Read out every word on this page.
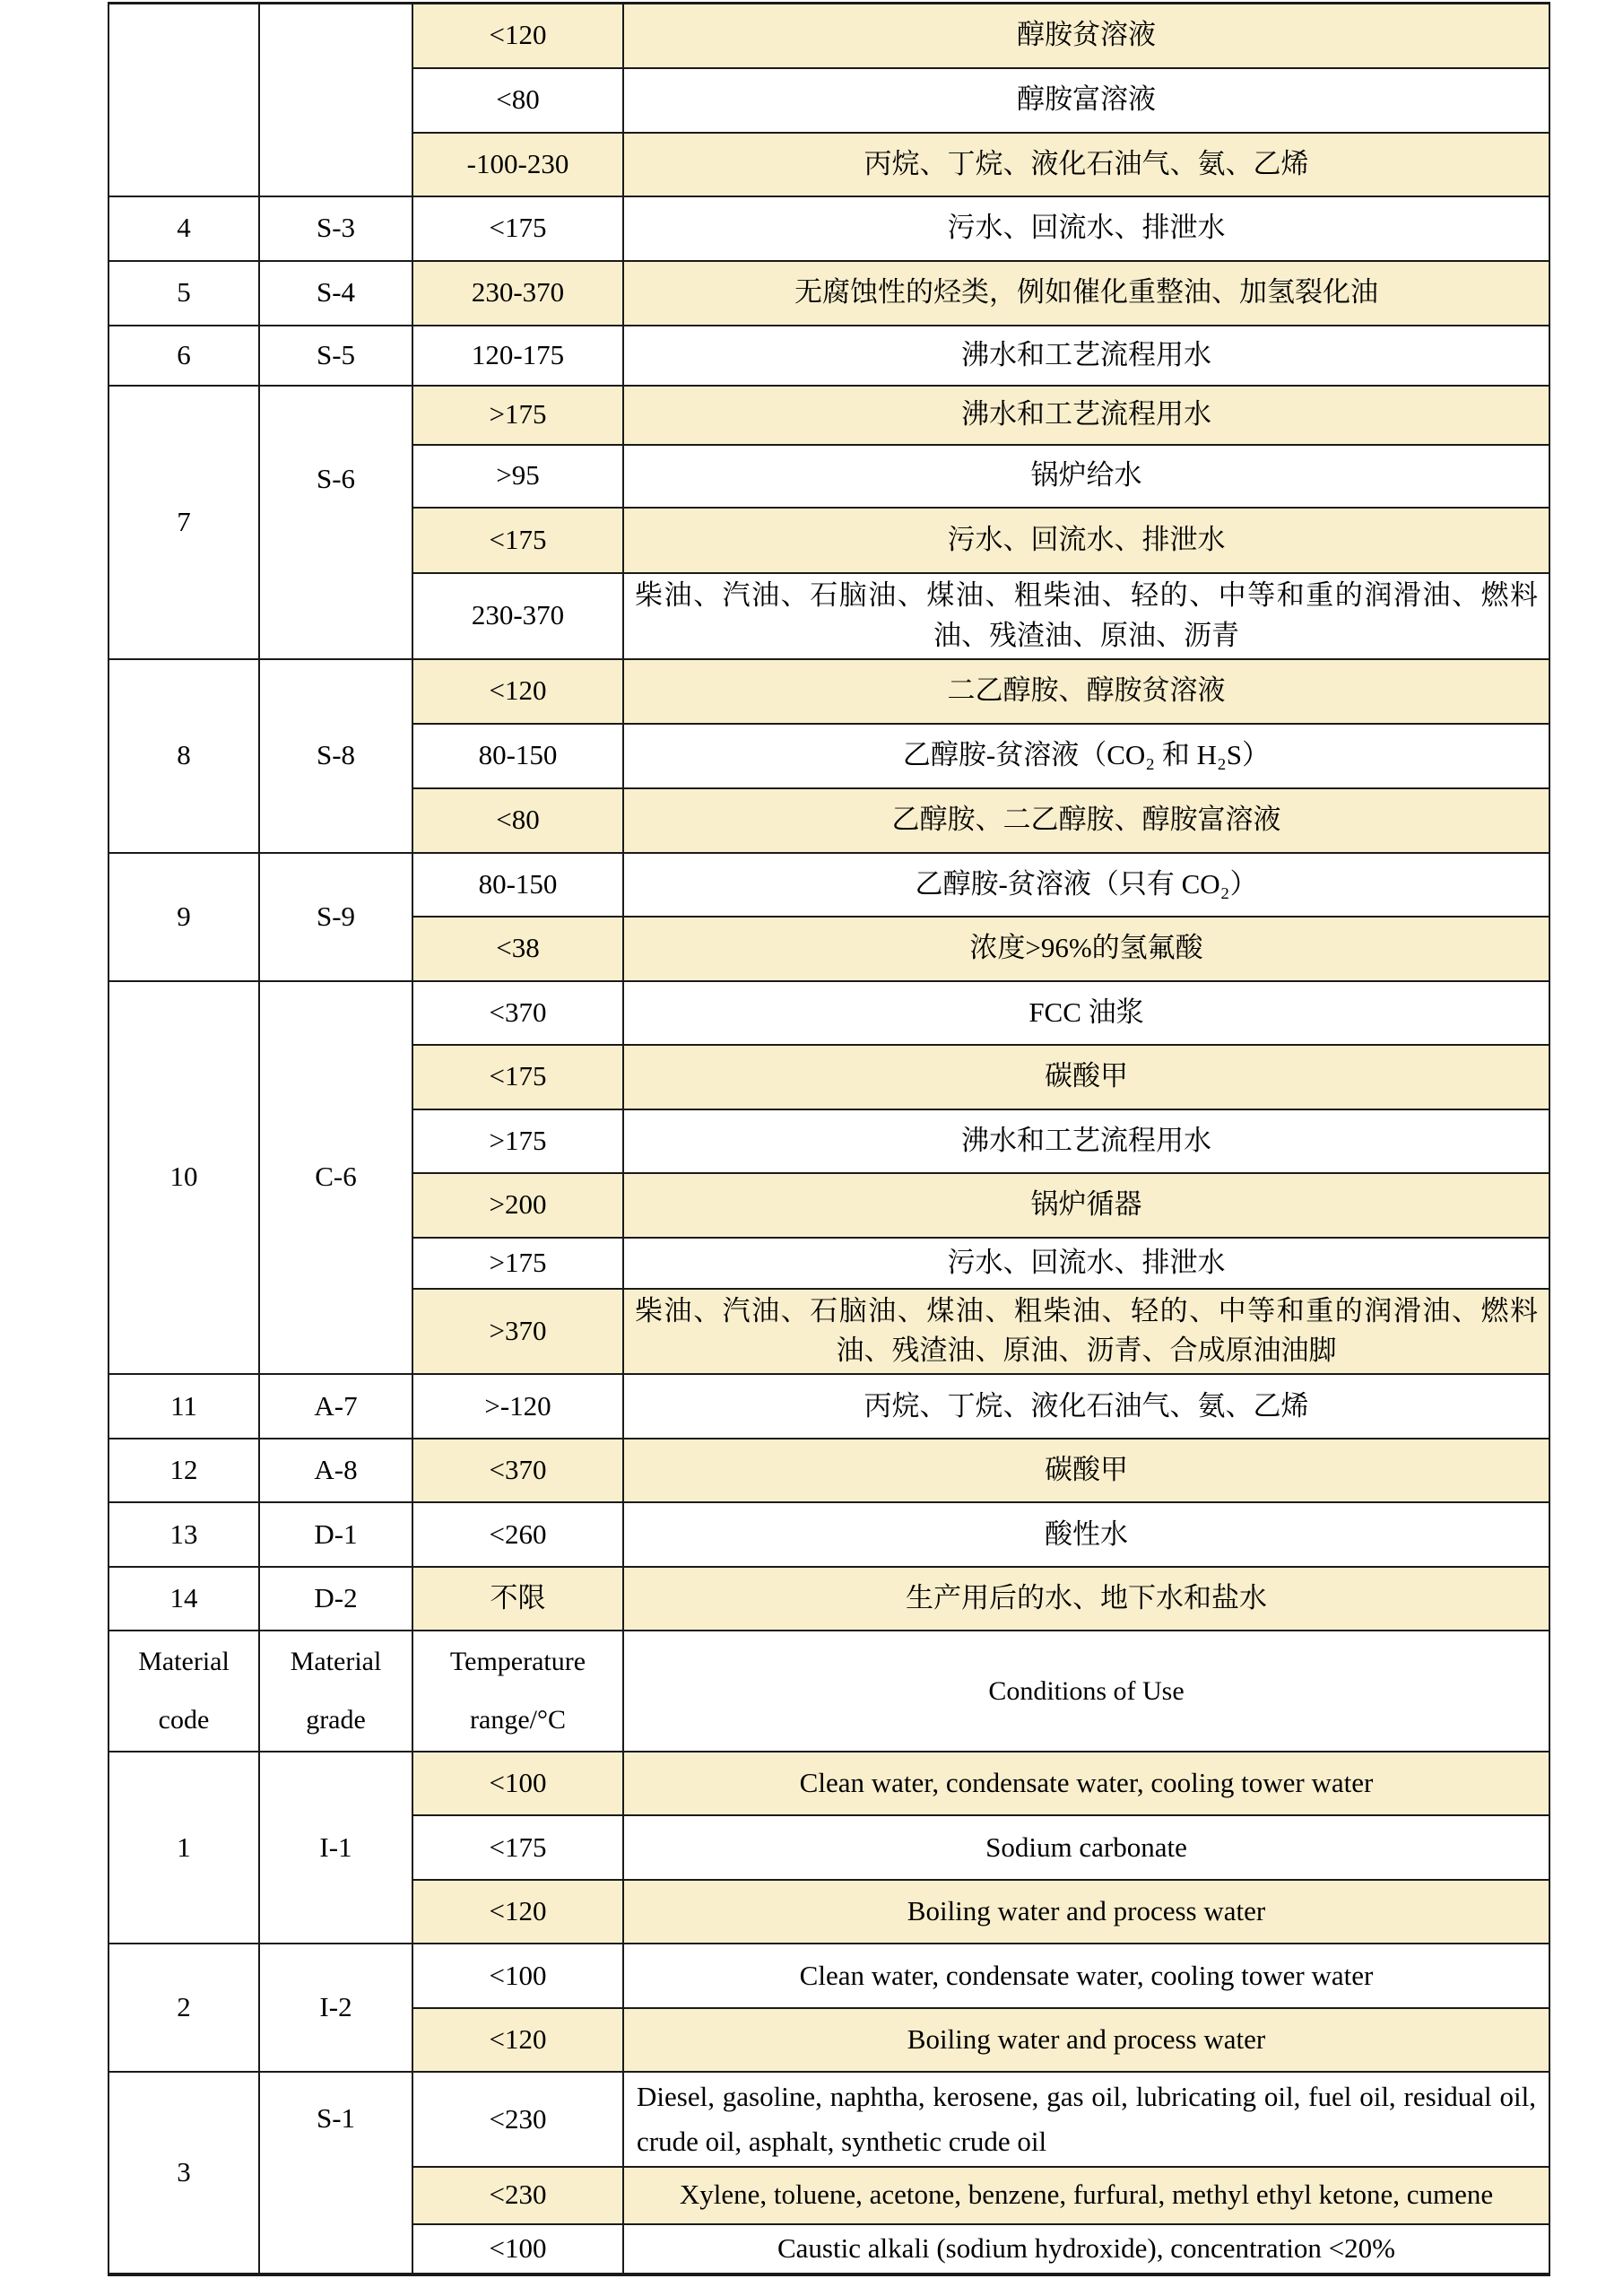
		<120	醇胺贫溶液
		<80	醇胺富溶液
		-100-230	丙烷、丁烷、液化石油气、氨、乙烯
4	S-3	<175	污水、回流水、排泄水
5	S-4	230-370	无腐蚀性的烃类，例如催化重整油、加氢裂化油
6	S-5	120-175	沸水和工艺流程用水
7	S-6	>175	沸水和工艺流程用水
		>95	锅炉给水
		<175	污水、回流水、排泄水
		230-370	柴油、汽油、石脑油、煤油、粗柴油、轻的、中等和重的润滑油、燃料油、残渣油、原油、沥青
8	S-8	<120	二乙醇胺、醇胺贫溶液
		80-150	乙醇胺-贫溶液（CO₂ 和 H₂S）
		<80	乙醇胺、二乙醇胺、醇胺富溶液
9	S-9	80-150	乙醇胺-贫溶液（只有 CO₂）
		<38	浓度>96%的氢氟酸
10	C-6	<370	FCC 油浆
		<175	碳酸甲
		>175	沸水和工艺流程用水
		>200	锅炉循器
		>175	污水、回流水、排泄水
		>370	柴油、汽油、石脑油、煤油、粗柴油、轻的、中等和重的润滑油、燃料油、残渣油、原油、沥青、合成原油油脚
11	A-7	>-120	丙烷、丁烷、液化石油气、氨、乙烯
12	A-8	<370	碳酸甲
13	D-1	<260	酸性水
14	D-2	不限	生产用后的水、地下水和盐水
Material code	Material grade	Temperature range/°C	Conditions of Use
1	I-1	<100	Clean water, condensate water, cooling tower water
		<175	Sodium carbonate
		<120	Boiling water and process water
2	I-2	<100	Clean water, condensate water, cooling tower water
		<120	Boiling water and process water
3	S-1	<230	Diesel, gasoline, naphtha, kerosene, gas oil, lubricating oil, fuel oil, residual oil, crude oil, asphalt, synthetic crude oil
		<230	Xylene, toluene, acetone, benzene, furfural, methyl ethyl ketone, cumene
		<100	Caustic alkali (sodium hydroxide), concentration <20%
